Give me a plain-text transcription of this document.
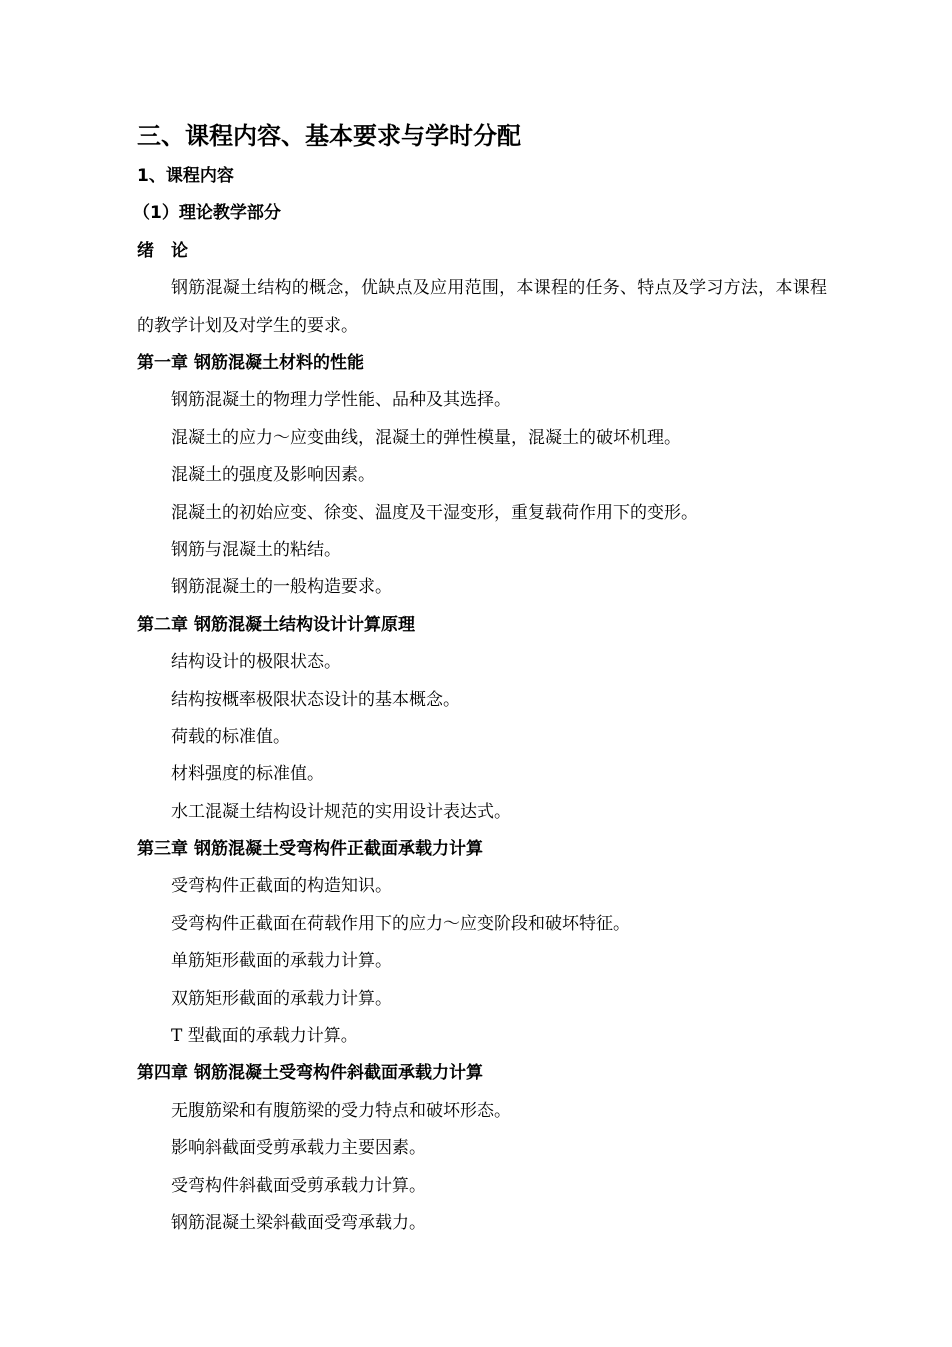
三、课程内容、基本要求与学时分配
1、课程内容
（1）理论教学部分
绪　论
钢筋混凝土结构的概念，优缺点及应用范围，本课程的任务、特点及学习方法，本课程的教学计划及对学生的要求。
第一章 钢筋混凝土材料的性能
钢筋混凝土的物理力学性能、品种及其选择。
混凝土的应力～应变曲线，混凝土的弹性模量，混凝土的破坏机理。
混凝土的强度及影响因素。
混凝土的初始应变、徐变、温度及干湿变形，重复载荷作用下的变形。
钢筋与混凝土的粘结。
钢筋混凝土的一般构造要求。
第二章 钢筋混凝土结构设计计算原理
结构设计的极限状态。
结构按概率极限状态设计的基本概念。
荷载的标准值。
材料强度的标准值。
水工混凝土结构设计规范的实用设计表达式。
第三章 钢筋混凝土受弯构件正截面承载力计算
受弯构件正截面的构造知识。
受弯构件正截面在荷载作用下的应力～应变阶段和破坏特征。
单筋矩形截面的承载力计算。
双筋矩形截面的承载力计算。
T 型截面的承载力计算。
第四章 钢筋混凝土受弯构件斜截面承载力计算
无腹筋梁和有腹筋梁的受力特点和破坏形态。
影响斜截面受剪承载力主要因素。
受弯构件斜截面受剪承载力计算。
钢筋混凝土梁斜截面受弯承载力。
